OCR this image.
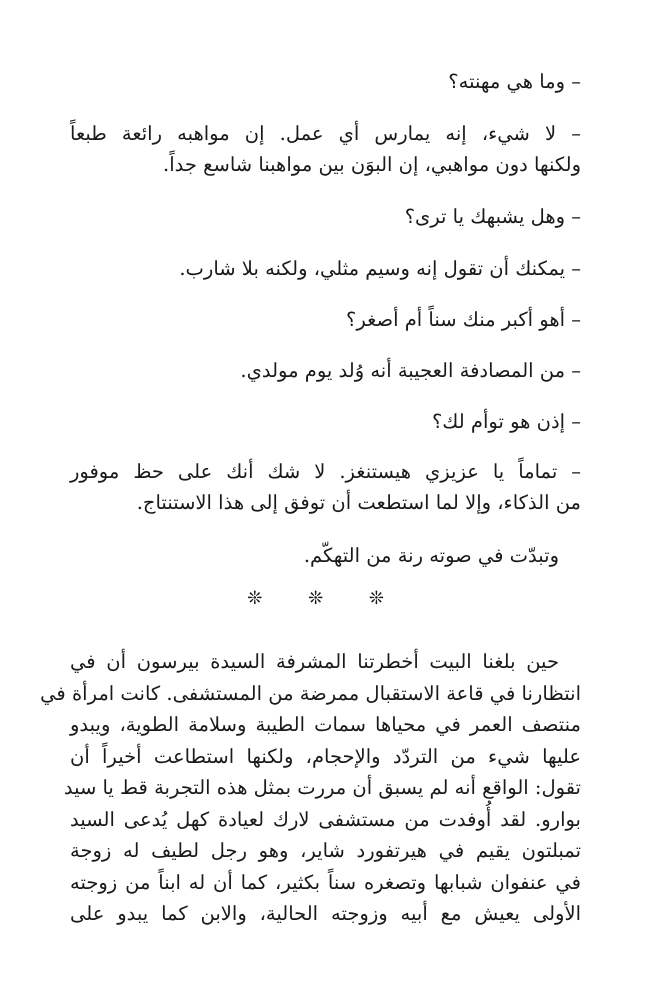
– وما هي مهنته؟

– لا شيء، إنه يمارس أي عمل. إن مواهبه رائعة طبعاً
ولكنها دون مواهبي، إن البوَن بين مواهبنا شاسع جداً.

– وهل يشبهك يا ترى؟

– يمكنك أن تقول إنه وسيم مثلي، ولكنه بلا شارب.

– أهو أكبر منك سناً أم أصغر؟

– من المصادفة العجيبة أنه وُلد يوم مولدي.

– إذن هو توأم لك؟

– تماماً يا عزيزي هيستنغز. لا شك أنك على حظ موفور
من الذكاء، وإلا لما استطعت أن توفق إلى هذا الاستنتاج.

وتبدّت في صوته رنة من التهكّم.

❊ ❊ ❊
حين بلغنا البيت أخطرتنا المشرفة السيدة بيرسون أن في
انتظارنا في قاعة الاستقبال ممرضة من المستشفى. كانت امرأة في
منتصف العمر في محياها سمات الطيبة وسلامة الطوية، ويبدو
عليها شيء من التردّد والإحجام، ولكنها استطاعت أخيراً أن
تقول: الواقع أنه لم يسبق أن مررت بمثل هذه التجربة قط يا سيد
بوارو. لقد أُوفدت من مستشفى لارك لعيادة كهل يُدعى السيد
تمبلتون يقيم في هيرتفورد شاير، وهو رجل لطيف له زوجة
في عنفوان شبابها وتصغره سناً بكثير، كما أن له ابناً من زوجته
الأولى يعيش مع أبيه وزوجته الحالية، والابن كما يبدو على
